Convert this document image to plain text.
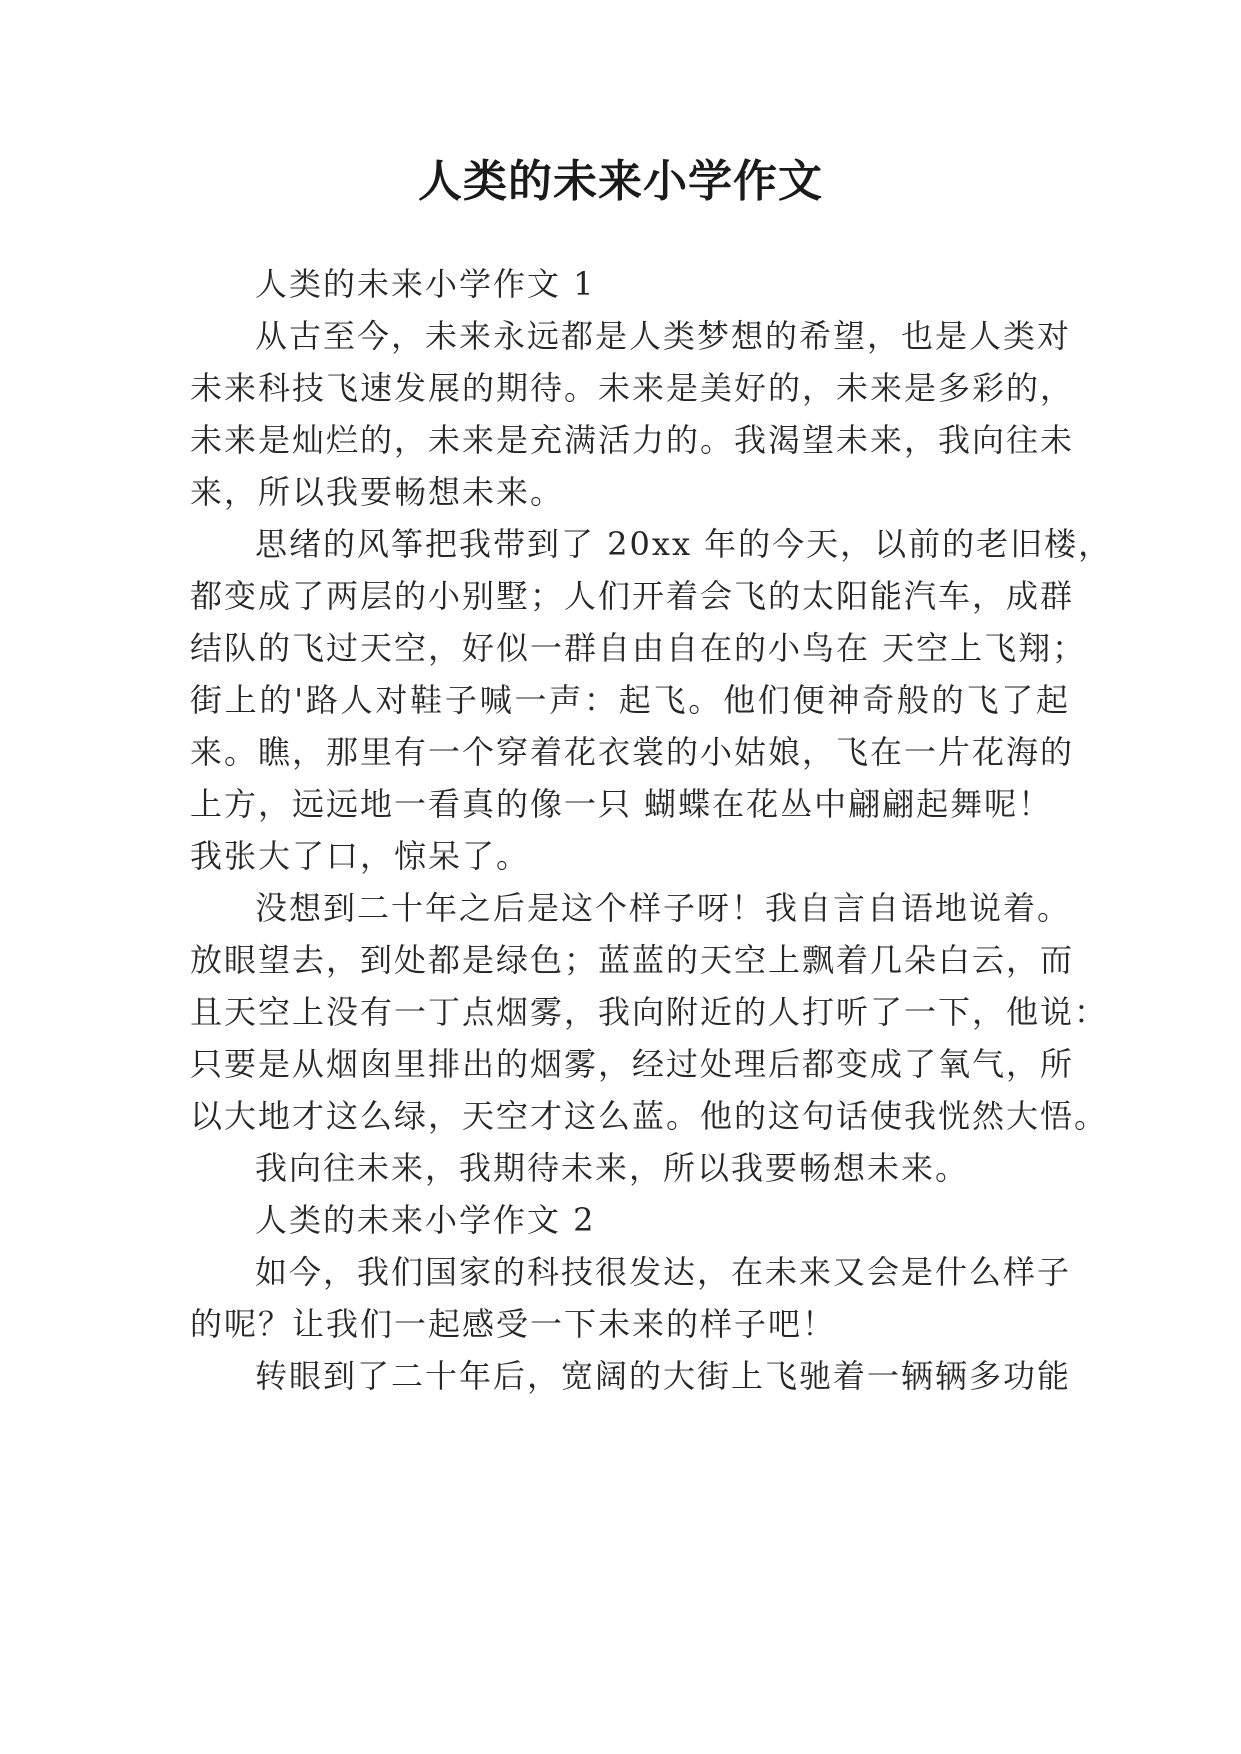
人类的未来小学作文
人类的未来小学作文 1
从古至今，未来永远都是人类梦想的希望，也是人类对
未来科技飞速发展的期待。未来是美好的，未来是多彩的，
未来是灿烂的，未来是充满活力的。我渴望未来，我向往未
来，所以我要畅想未来。
思绪的风筝把我带到了 20xx 年的今天，以前的老旧楼，
都变成了两层的小别墅；人们开着会飞的太阳能汽车，成群
结队的飞过天空，好似一群自由自在的小鸟在 天空上飞翔；
街上的'路人对鞋子喊一声：起飞。他们便神奇般的飞了起
来。瞧，那里有一个穿着花衣裳的小姑娘，飞在一片花海的
上方，远远地一看真的像一只 蝴蝶在花丛中翩翩起舞呢！
我张大了口，惊呆了。
没想到二十年之后是这个样子呀！我自言自语地说着。
放眼望去，到处都是绿色；蓝蓝的天空上飘着几朵白云，而
且天空上没有一丁点烟雾，我向附近的人打听了一下，他说：
只要是从烟囱里排出的烟雾，经过处理后都变成了氧气，所
以大地才这么绿，天空才这么蓝。他的这句话使我恍然大悟。
我向往未来，我期待未来，所以我要畅想未来。
人类的未来小学作文 2
如今，我们国家的科技很发达，在未来又会是什么样子
的呢？让我们一起感受一下未来的样子吧！
转眼到了二十年后，宽阔的大街上飞驰着一辆辆多功能
